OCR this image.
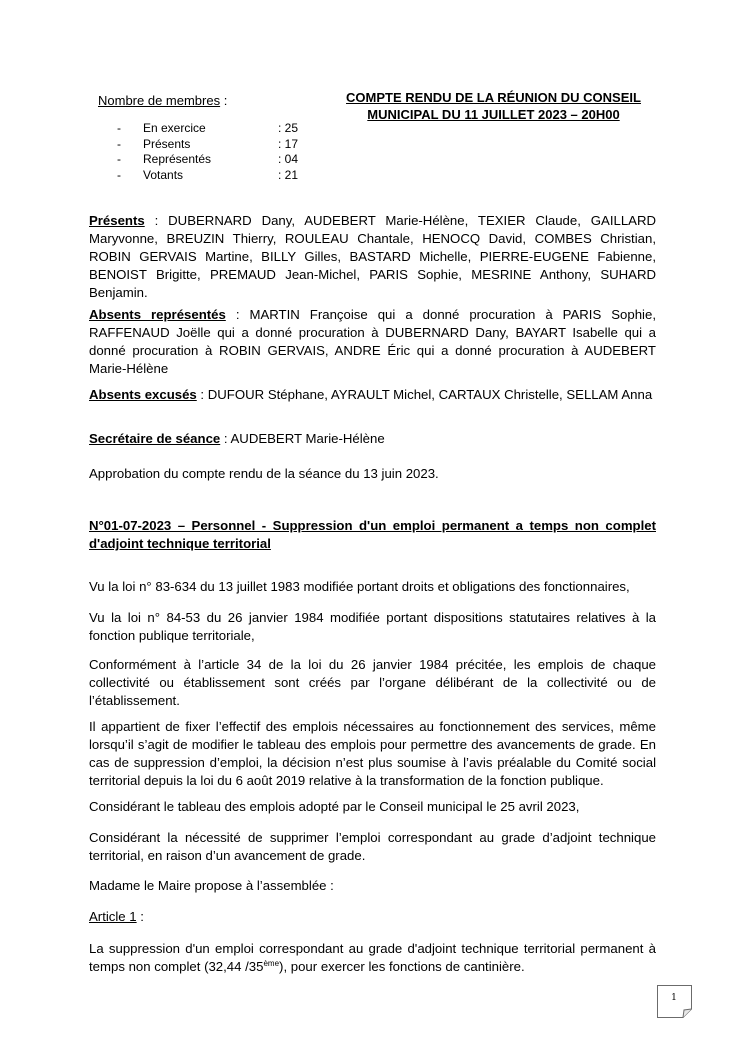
Nombre de membres :
- En exercice	: 25
- Présents	: 17
- Représentés	: 04
- Votants	: 21
COMPTE RENDU DE LA RÉUNION DU CONSEIL
MUNICIPAL DU 11 JUILLET 2023 – 20H00
Présents : DUBERNARD Dany, AUDEBERT Marie-Hélène, TEXIER Claude, GAILLARD Maryvonne, BREUZIN Thierry, ROULEAU Chantale, HENOCQ David, COMBES Christian, ROBIN GERVAIS Martine, BILLY Gilles, BASTARD Michelle, PIERRE-EUGENE Fabienne, BENOIST Brigitte, PREMAUD Jean-Michel, PARIS Sophie, MESRINE Anthony, SUHARD Benjamin.
Absents représentés : MARTIN Françoise qui a donné procuration à PARIS Sophie, RAFFENAUD Joëlle qui a donné procuration à DUBERNARD Dany, BAYART Isabelle qui a donné procuration à ROBIN GERVAIS, ANDRE Éric qui a donné procuration à AUDEBERT Marie-Hélène
Absents excusés : DUFOUR Stéphane, AYRAULT Michel, CARTAUX Christelle, SELLAM Anna
Secrétaire de séance : AUDEBERT Marie-Hélène
Approbation du compte rendu de la séance du 13 juin 2023.
N°01-07-2023 – Personnel - Suppression d'un emploi permanent a temps non complet d'adjoint technique territorial
Vu la loi n° 83-634 du 13 juillet 1983 modifiée portant droits et obligations des fonctionnaires,
Vu la loi n° 84-53 du 26 janvier 1984 modifiée portant dispositions statutaires relatives à la fonction publique territoriale,
Conformément à l’article 34 de la loi du 26 janvier 1984 précitée, les emplois de chaque collectivité ou établissement sont créés par l’organe délibérant de la collectivité ou de l’établissement.
Il appartient de fixer l’effectif des emplois nécessaires au fonctionnement des services, même lorsqu’il s’agit de modifier le tableau des emplois pour permettre des avancements de grade. En cas de suppression d’emploi, la décision n’est plus soumise à l’avis préalable du Comité social territorial depuis la loi du 6 août 2019 relative à la transformation de la fonction publique.
Considérant le tableau des emplois adopté par le Conseil municipal le 25 avril 2023,
Considérant la nécessité de supprimer l’emploi correspondant au grade d’adjoint technique territorial, en raison d’un avancement de grade.
Madame le Maire propose à l’assemblée :
Article 1 :
La suppression d'un emploi correspondant au grade d'adjoint technique territorial permanent à temps non complet (32,44 /35ème), pour exercer les fonctions de cantinière.
1
